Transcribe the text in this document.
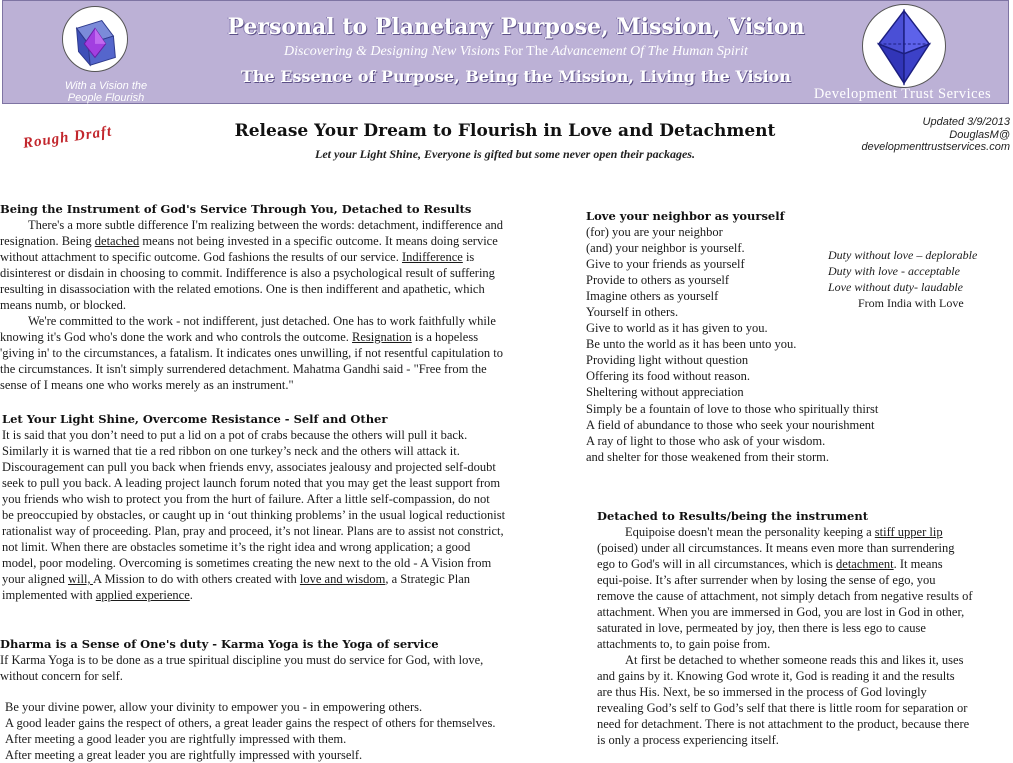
With a Vision the
People Flourish
Personal to Planetary Purpose, Mission, Vision
Discovering & Designing New Visions For The Advancement Of The Human Spirit
The Essence of Purpose, Being the Mission, Living the Vision
Development Trust Services
Rough Draft	Release Your Dream to Flourish in Love and Detachment
Let your Light Shine, Everyone is gifted but some never open their packages.
Updated 3/9/2013
DouglasM@
developmenttrustservices.com
Being the Instrument of God's Service Through You, Detached to Results
There's a more subtle difference I'm realizing between the words: detachment, indifference and
resignation. Being detached means not being invested in a specific outcome. It means doing service
without attachment to specific outcome. God fashions the results of our service. Indifference is
disinterest or disdain in choosing to commit. Indifference is also a psychological result of suffering
resulting in disassociation with the related emotions. One is then indifferent and apathetic, which
means numb, or blocked.
We're committed to the work - not indifferent, just detached. One has to work faithfully while
knowing it's God who's done the work and who controls the outcome. Resignation is a hopeless
'giving in' to the circumstances, a fatalism. It indicates ones unwilling, if not resentful capitulation to
the circumstances. It isn't simply surrendered detachment. Mahatma Gandhi said - "Free from the
sense of I means one who works merely as an instrument."
Let Your Light Shine, Overcome Resistance - Self and Other
It is said that you don’t need to put a lid on a pot of crabs because the others will pull it back.
Similarly it is warned that tie a red ribbon on one turkey’s neck and the others will attack it.
Discouragement can pull you back when friends envy, associates jealousy and projected self-doubt
seek to pull you back. A leading project launch forum noted that you may get the least support from
you friends who wish to protect you from the hurt of failure. After a little self-compassion, do not
be preoccupied by obstacles, or caught up in ‘out thinking problems’ in the usual logical reductionist
rationalist way of proceeding. Plan, pray and proceed, it’s not linear. Plans are to assist not constrict,
not limit. When there are obstacles sometime it’s the right idea and wrong application; a good
model, poor modeling. Overcoming is sometimes creating the new next to the old - A Vision from
your aligned will, A Mission to do with others created with love and wisdom, a Strategic Plan
implemented with applied experience.
Dharma is a Sense of One's duty - Karma Yoga is the Yoga of service
If Karma Yoga is to be done as a true spiritual discipline you must do service for God, with love,
without concern for self.
Be your divine power, allow your divinity to empower you - in empowering others.
A good leader gains the respect of others, a great leader gains the respect of others for themselves.
After meeting a good leader you are rightfully impressed with them.
After meeting a great leader you are rightfully impressed with yourself.
Love your neighbor as yourself
(for) you are your neighbor
(and) your neighbor is yourself.
Give to your friends as yourself
Provide to others as yourself
Imagine others as yourself
Yourself in others.
Give to world as it has given to you.
Be unto the world as it has been unto you.
Providing light without question
Offering its food without reason.
Sheltering without appreciation
Duty without love – deplorable
Duty with love - acceptable
Love without duty- laudable
From India with Love
Simply be a fountain of love to those who spiritually thirst
A field of abundance to those who seek your nourishment
A ray of light to those who ask of your wisdom.
and shelter for those weakened from their storm.
Detached to Results/being the instrument
Equipoise doesn't mean the personality keeping a stiff upper lip
(poised) under all circumstances. It means even more than surrendering
ego to God's will in all circumstances, which is detachment. It means
equi-poise. It’s after surrender when by losing the sense of ego, you
remove the cause of attachment, not simply detach from negative results of
attachment. When you are immersed in God, you are lost in God in other,
saturated in love, permeated by joy, then there is less ego to cause
attachments to, to gain poise from.
At first be detached to whether someone reads this and likes it, uses
and gains by it. Knowing God wrote it, God is reading it and the results
are thus His. Next, be so immersed in the process of God lovingly
revealing God’s self to God’s self that there is little room for separation or
need for detachment. There is not attachment to the product, because there
is only a process experiencing itself.
